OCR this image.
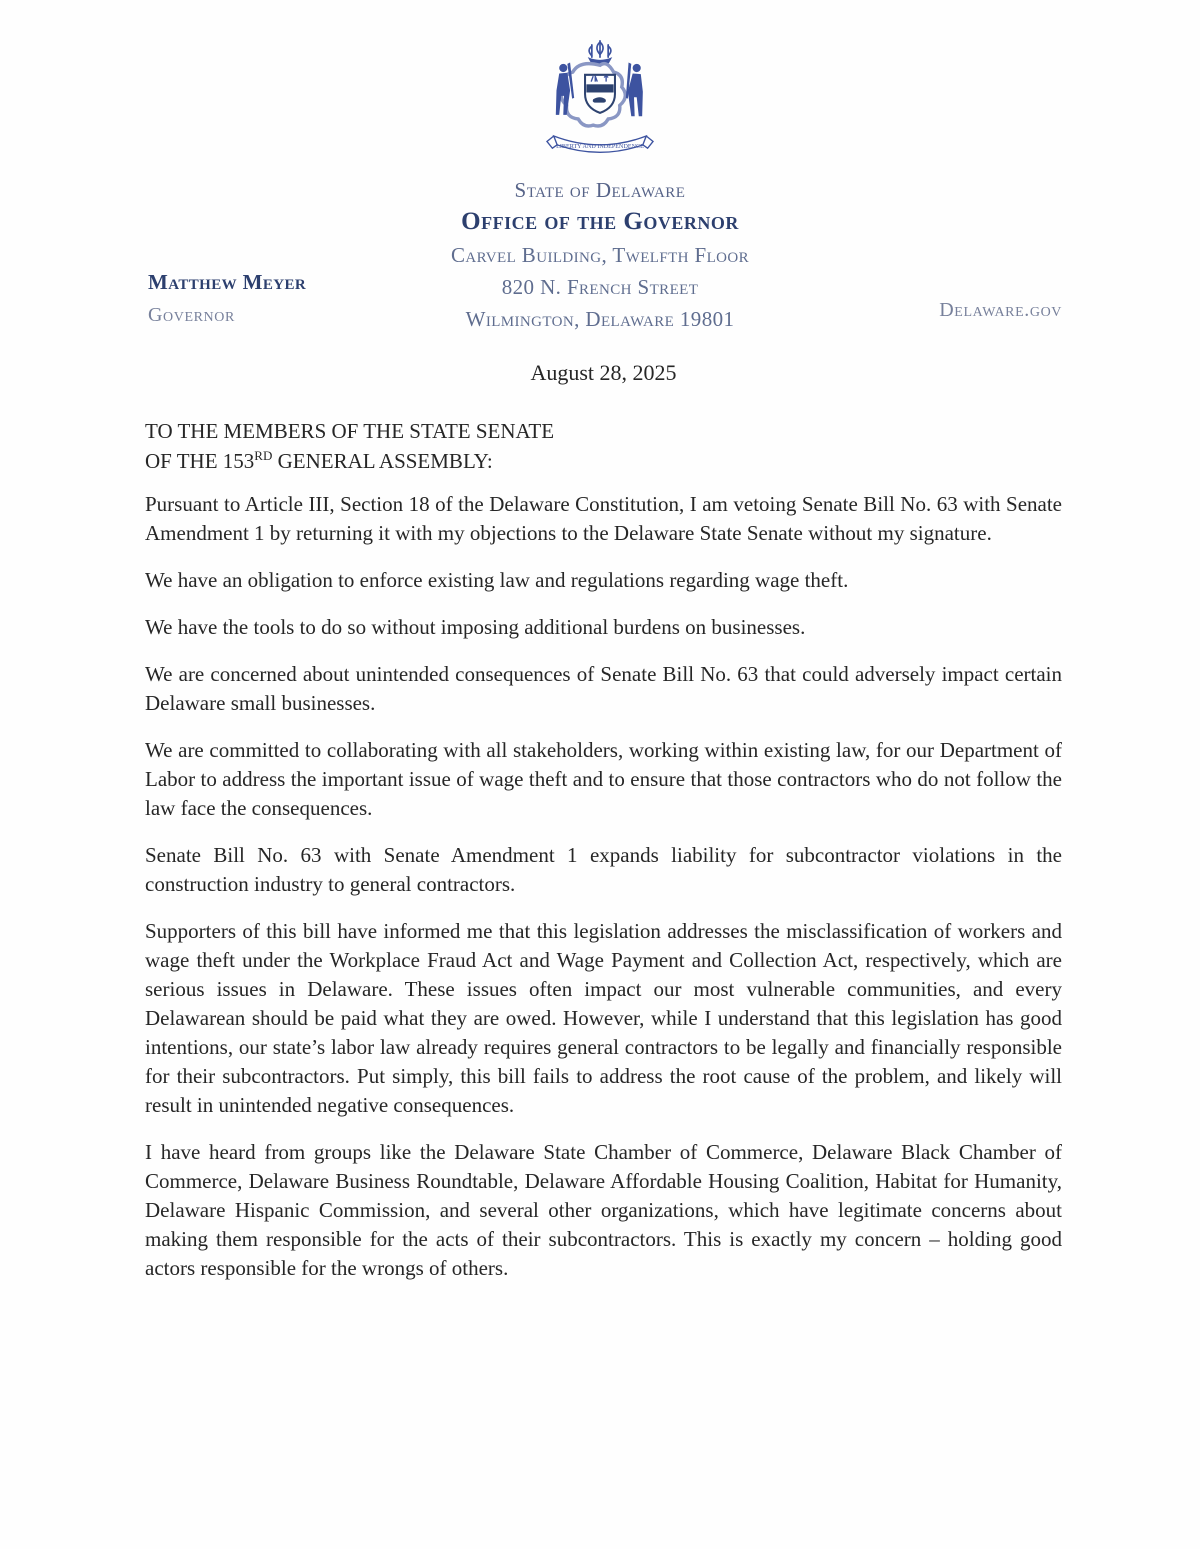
LIBERTY AND INDEPENDENCE
State of Delaware
Office of the Governor
Carvel Building, Twelfth Floor
820 N. French Street
Wilmington, Delaware 19801
Matthew Meyer
Governor	Delaware.gov
August 28, 2025
TO THE MEMBERS OF THE STATE SENATE
OF THE 153RD GENERAL ASSEMBLY:

Pursuant to Article III, Section 18 of the Delaware Constitution, I am vetoing Senate Bill No. 63 with Senate Amendment 1 by returning it with my objections to the Delaware State Senate without my signature.

We have an obligation to enforce existing law and regulations regarding wage theft.

We have the tools to do so without imposing additional burdens on businesses.

We are concerned about unintended consequences of Senate Bill No. 63 that could adversely impact certain Delaware small businesses.

We are committed to collaborating with all stakeholders, working within existing law, for our Department of Labor to address the important issue of wage theft and to ensure that those contractors who do not follow the law face the consequences.

Senate Bill No. 63 with Senate Amendment 1 expands liability for subcontractor violations in the construction industry to general contractors.

Supporters of this bill have informed me that this legislation addresses the misclassification of workers and wage theft under the Workplace Fraud Act and Wage Payment and Collection Act, respectively, which are serious issues in Delaware. These issues often impact our most vulnerable communities, and every Delawarean should be paid what they are owed. However, while I understand that this legislation has good intentions, our state’s labor law already requires general contractors to be legally and financially responsible for their subcontractors. Put simply, this bill fails to address the root cause of the problem, and likely will result in unintended negative consequences.

I have heard from groups like the Delaware State Chamber of Commerce, Delaware Black Chamber of Commerce, Delaware Business Roundtable, Delaware Affordable Housing Coalition, Habitat for Humanity, Delaware Hispanic Commission, and several other organizations, which have legitimate concerns about making them responsible for the acts of their subcontractors. This is exactly my concern – holding good actors responsible for the wrongs of others.
